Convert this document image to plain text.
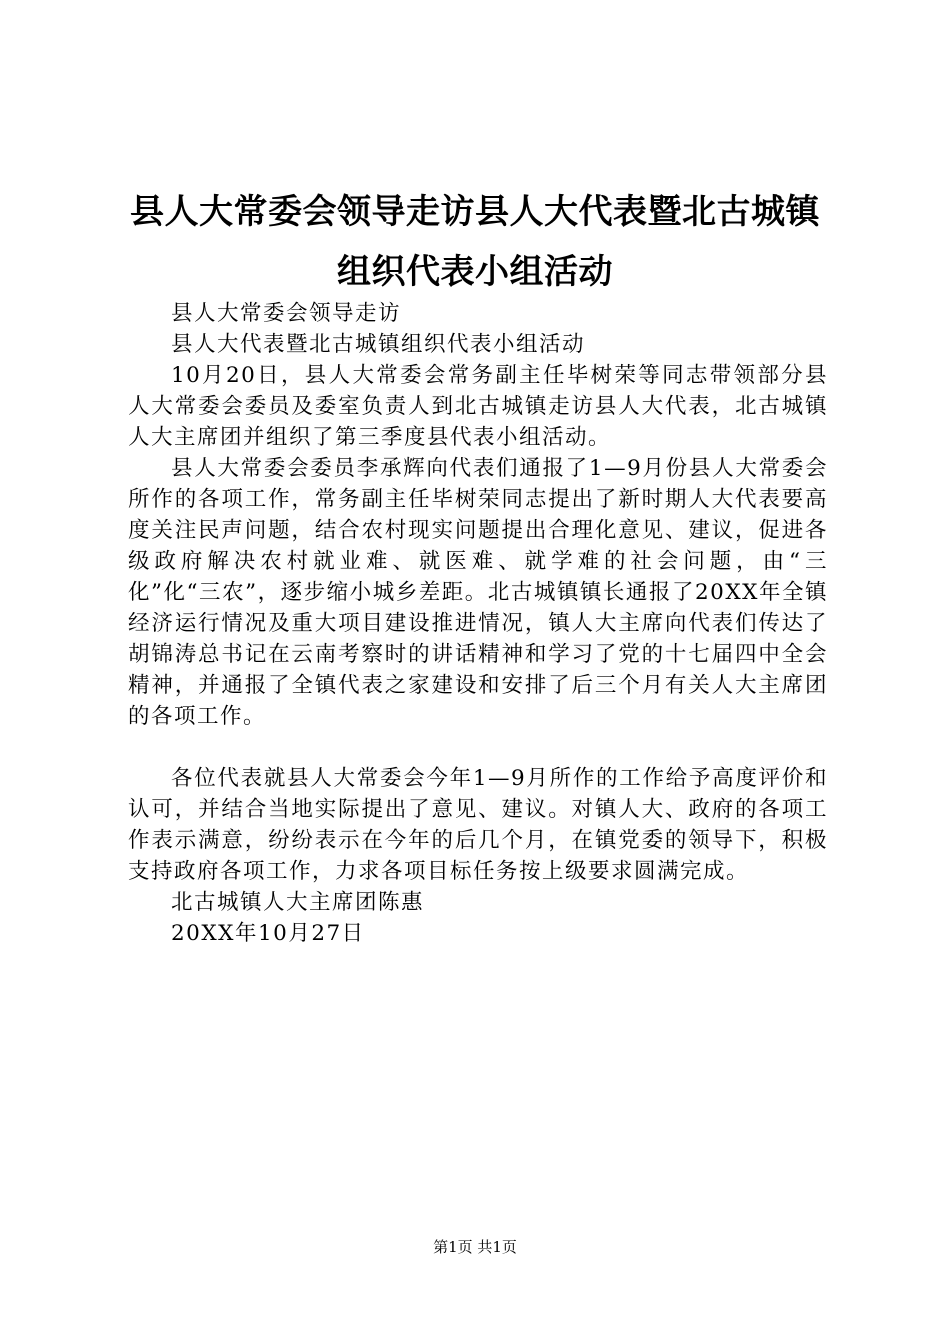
县人大常委会领导走访县人大代表暨北古城镇
组织代表小组活动

县人大常委会领导走访

县人大代表暨北古城镇组织代表小组活动

10月20日，县人大常委会常务副主任毕树荣等同志带领部分县人大常委会委员及委室负责人到北古城镇走访县人大代表，北古城镇人大主席团并组织了第三季度县代表小组活动。

县人大常委会委员李承辉向代表们通报了1—9月份县人大常委会所作的各项工作，常务副主任毕树荣同志提出了新时期人大代表要高度关注民声问题，结合农村现实问题提出合理化意见、建议，促进各级政府解决农村就业难、就医难、就学难的社会问题，由“三化”化“三农”，逐步缩小城乡差距。北古城镇镇长通报了20XX年全镇经济运行情况及重大项目建设推进情况，镇人大主席向代表们传达了胡锦涛总书记在云南考察时的讲话精神和学习了党的十七届四中全会精神，并通报了全镇代表之家建设和安排了后三个月有关人大主席团的各项工作。

各位代表就县人大常委会今年1—9月所作的工作给予高度评价和认可，并结合当地实际提出了意见、建议。对镇人大、政府的各项工作表示满意，纷纷表示在今年的后几个月，在镇党委的领导下，积极支持政府各项工作，力求各项目标任务按上级要求圆满完成。

北古城镇人大主席团陈惠

20XX年10月27日

第1页 共1页
